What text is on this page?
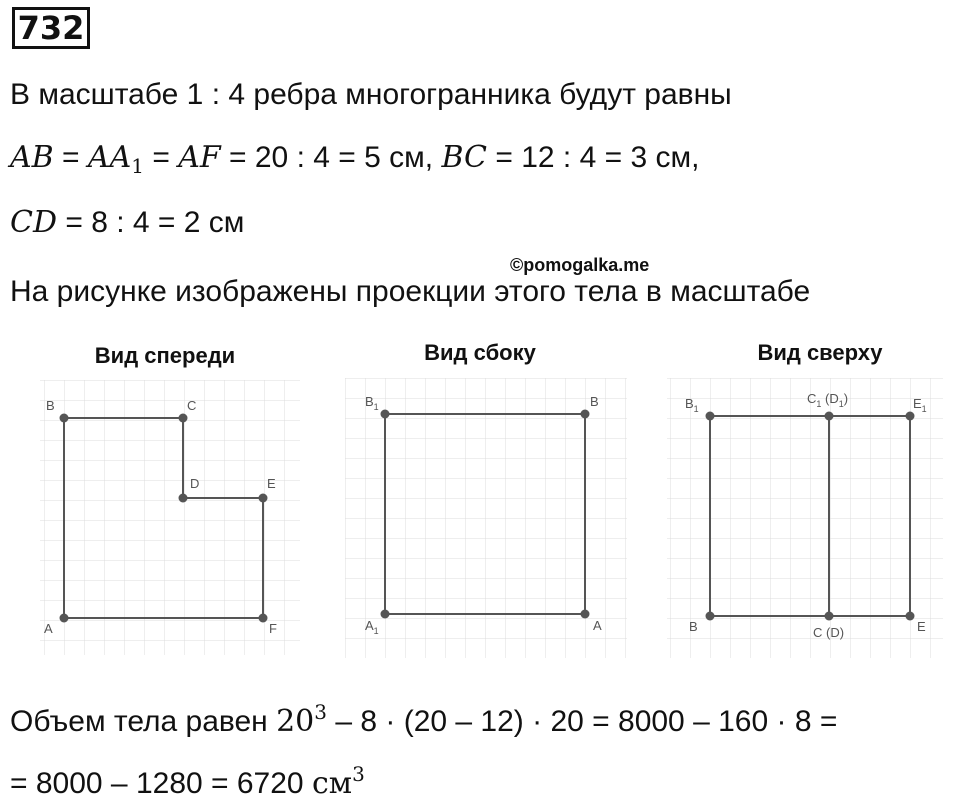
732
В масштабе 1 : 4 ребра многогранника будут равны
AB = $AA_1$ = AF = 20 : 4 = 5 см, BC = 12 : 4 = 3 см,
CD = 8 : 4 = 2 см
©pomogalka.me
На рисунке изображены проекции этого тела в масштабе
Вид спереди
B	C
D	E
F
A
Вид сбоку
$B_1$	B
$A_1$	A
Вид сверху
$B_1$
$C_1$ $(D_1)$	$E_1$
B	C (D)	E
Объем тела равен $20^3 - 8 \cdot (20 - 12) \cdot 20 = 8000 - 160 \cdot 8$ =
= 8000 – 1280 = 6720 $см^3$
